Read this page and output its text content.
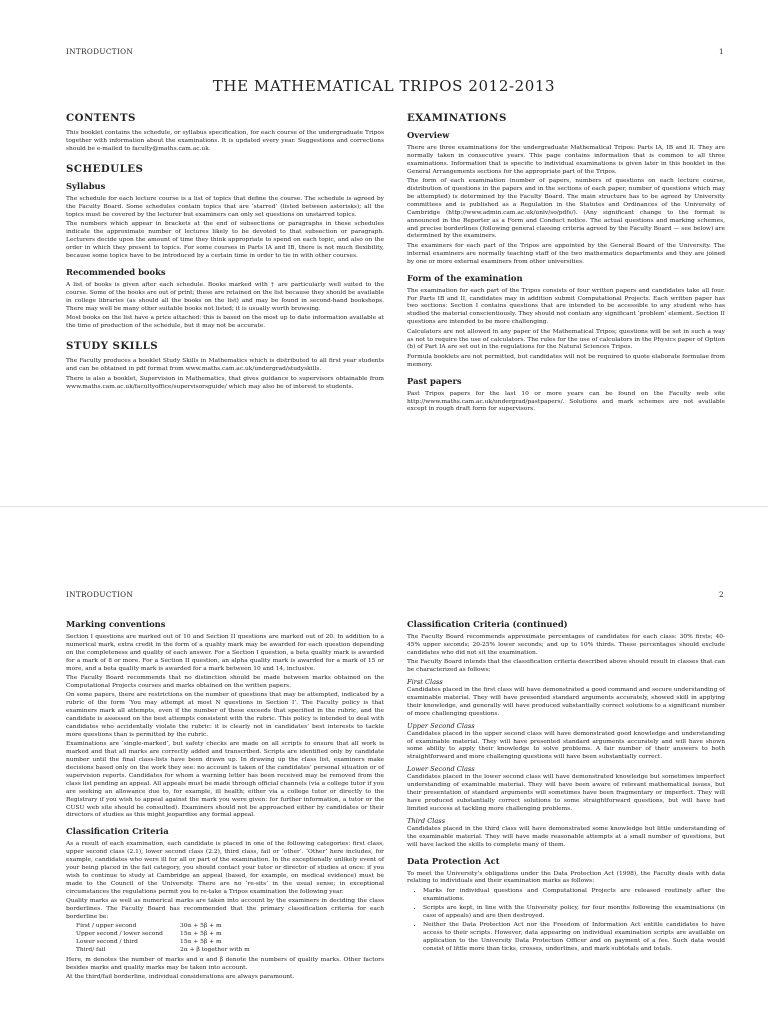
INTRODUCTION	1
THE MATHEMATICAL TRIPOS 2012-2013
CONTENTS

This booklet contains the schedule, or syllabus specification, for each course of the undergraduate Tripos together with information about the examinations. It is updated every year. Suggestions and corrections should be e-mailed to faculty@maths.cam.ac.uk.

SCHEDULES
Syllabus

The schedule for each lecture course is a list of topics that define the course. The schedule is agreed by the Faculty Board. Some schedules contain topics that are ‘starred’ (listed between asterisks); all the topics must be covered by the lecturer but examiners can only set questions on unstarred topics.

The numbers which appear in brackets at the end of subsections or paragraphs in these schedules indicate the approximate number of lectures likely to be devoted to that subsection or paragraph. Lecturers decide upon the amount of time they think appropriate to spend on each topic, and also on the order in which they present to topics. For some courses in Parts IA and IB, there is not much flexibility, because some topics have to be introduced by a certain time in order to tie in with other courses.

Recommended books

A list of books is given after each schedule. Books marked with † are particularly well suited to the course. Some of the books are out of print; these are retained on the list because they should be available in college libraries (as should all the books on the list) and may be found in second-hand bookshops. There may well be many other suitable books not listed; it is usually worth browsing.

Most books on the list have a price attached: this is based on the most up to date information available at the time of production of the schedule, but it may not be accurate.

STUDY SKILLS

The Faculty produces a booklet Study Skills in Mathematics which is distributed to all first year students and can be obtained in pdf format from www.maths.cam.ac.uk/undergrad/studyskills.

There is also a booklet, Supervision in Mathematics, that gives guidance to supervisors obtainable from www.maths.cam.ac.uk/facultyoffice/supervisorsguide/ which may also be of interest to students.

EXAMINATIONS
Overview

There are three examinations for the undergraduate Mathematical Tripos: Parts IA, IB and II. They are normally taken in consecutive years. This page contains information that is common to all three examinations. Information that is specific to individual examinations is given later in this booklet in the General Arrangements sections for the appropriate part of the Tripos.

The form of each examination (number of papers, numbers of questions on each lecture course, distribution of questions in the papers and in the sections of each paper, number of questions which may be attempted) is determined by the Faculty Board. The main structure has to be agreed by University committees and is published as a Regulation in the Statutes and Ordinances of the University of Cambridge (http://www.admin.cam.ac.uk/univ/so/pdfs/). (Any significant change to the format is announced in the Reporter as a Form and Conduct notice. The actual questions and marking schemes, and precise borderlines (following general classing criteria agreed by the Faculty Board — see below) are determined by the examiners.

The examiners for each part of the Tripos are appointed by the General Board of the University. The internal examiners are normally teaching staff of the two mathematics departments and they are joined by one or more external examiners from other universities.

Form of the examination

The examination for each part of the Tripos consists of four written papers and candidates take all four. For Parts IB and II, candidates may in addition submit Computational Projects. Each written paper has two sections: Section I contains questions that are intended to be accessible to any student who has studied the material conscientiously. They should not contain any significant ‘problem’ element. Section II questions are intended to be more challenging.

Calculators are not allowed in any paper of the Mathematical Tripos; questions will be set in such a way as not to require the use of calculators. The rules for the use of calculators in the Physics paper of Option (b) of Part IA are set out in the regulations for the Natural Sciences Tripos.

Formula booklets are not permitted, but candidates will not be required to quote elaborate formulae from memory.

Past papers

Past Tripos papers for the last 10 or more years can be found on the Faculty web site http://www.maths.cam.ac.uk/undergrad/pastpapers/. Solutions and mark schemes are not available except in rough draft form for supervisors.

INTRODUCTION	2
Marking conventions

Section I questions are marked out of 10 and Section II questions are marked out of 20. In addition to a numerical mark, extra credit in the form of a quality mark may be awarded for each question depending on the completeness and quality of each answer. For a Section I question, a beta quality mark is awarded for a mark of 8 or more. For a Section II question, an alpha quality mark is awarded for a mark of 15 or more, and a beta quality mark is awarded for a mark between 10 and 14, inclusive.

The Faculty Board recommends that no distinction should be made between marks obtained on the Computational Projects courses and marks obtained on the written papers.

On some papers, there are restrictions on the number of questions that may be attempted, indicated by a rubric of the form ‘You may attempt at most N questions in Section I’. The Faculty policy is that examiners mark all attempts, even if the number of these exceeds that specified in the rubric, and the candidate is assessed on the best attempts consistent with the rubric. This policy is intended to deal with candidates who accidentally violate the rubric: it is clearly not in candidates’ best interests to tackle more questions than is permitted by the rubric.

Examinations are ‘single-marked’, but safety checks are made on all scripts to ensure that all work is marked and that all marks are correctly added and transcribed. Scripts are identified only by candidate number until the final class-lists have been drawn up. In drawing up the class list, examiners make decisions based only on the work they see: no account is taken of the candidates’ personal situation or of supervision reports. Candidates for whom a warning letter has been received may be removed from the class list pending an appeal. All appeals must be made through official channels (via a college tutor if you are seeking an allowance due to, for example, ill health; either via a college tutor or directly to the Registrary if you wish to appeal against the mark you were given: for further information, a tutor or the CUSU web site should be consulted). Examiners should not be approached either by candidates or their directors of studies as this might jeopardise any formal appeal.

Classification Criteria

As a result of each examination, each candidate is placed in one of the following categories: first class, upper second class (2.1), lower second class (2.2), third class, fail or ‘other’. ‘Other’ here includes, for example, candidates who were ill for all or part of the examination. In the exceptionally unlikely event of your being placed in the fail category, you should contact your tutor or director of studies at once: if you wish to continue to study at Cambridge an appeal (based, for example, on medical evidence) must be made to the Council of the University. There are no ‘re-sits’ in the usual sense; in exceptional circumstances the regulations permit you to re-take a Tripos examination the following year.

Quality marks as well as numerical marks are taken into account by the examiners in deciding the class borderlines. The Faculty Board has recommended that the primary classification criteria for each borderline be:

First / upper second	30α + 5β + m
Upper second / lower second	15α + 5β + m
Lower second / third	15α + 5β + m
Third/ fail	2α + β together with m

Here, m denotes the number of marks and α and β denote the numbers of quality marks. Other factors besides marks and quality marks may be taken into account.

At the third/fail borderline, individual considerations are always paramount.

Classification Criteria (continued)

The Faculty Board recommends approximate percentages of candidates for each class: 30% firsts; 40-45% upper seconds; 20-25% lower seconds; and up to 10% thirds. These percentages should exclude candidates who did not sit the examination.

The Faculty Board intends that the classification criteria described above should result in classes that can be characterized as follows:

First Class

Candidates placed in the first class will have demonstrated a good command and secure understanding of examinable material. They will have presented standard arguments accurately, showed skill in applying their knowledge, and generally will have produced substantially correct solutions to a significant number of more challenging questions.

Upper Second Class

Candidates placed in the upper second class will have demonstrated good knowledge and understanding of examinable material. They will have presented standard arguments accurately and will have shown some ability to apply their knowledge to solve problems. A fair number of their answers to both straightforward and more challenging questions will have been substantially correct.

Lower Second Class

Candidates placed in the lower second class will have demonstrated knowledge but sometimes imperfect understanding of examinable material. They will have been aware of relevant mathematical issues, but their presentation of standard arguments will sometimes have been fragmentary or imperfect. They will have produced substantially correct solutions to some straightforward questions, but will have had limited success at tackling more challenging problems.

Third Class

Candidates placed in the third class will have demonstrated some knowledge but little understanding of the examinable material. They will have made reasonable attempts at a small number of questions, but will have lacked the skills to complete many of them.

Data Protection Act

To meet the University’s obligations under the Data Protection Act (1998), the Faculty deals with data relating to individuals and their examination marks as follows:

• Marks for individual questions and Computational Projects are released routinely after the examinations.
• Scripts are kept, in line with the University policy, for four months following the examinations (in case of appeals) and are then destroyed.
• Neither the Data Protection Act nor the Freedom of Information Act entitle candidates to have access to their scripts. However, data appearing on individual examination scripts are available on application to the University Data Protection Officer and on payment of a fee. Such data would consist of little more than ticks, crosses, underlines, and mark subtotals and totals.
